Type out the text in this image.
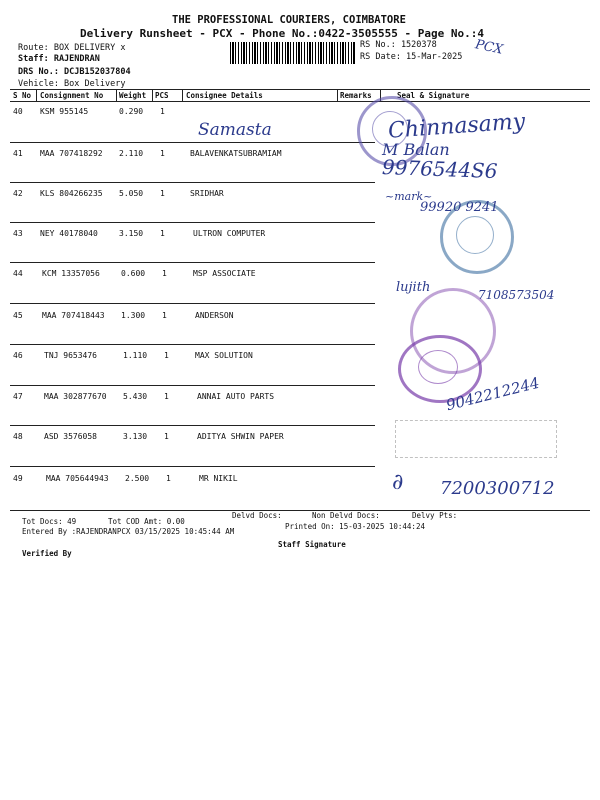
THE PROFESSIONAL COURIERS, COIMBATORE
Delivery Runsheet - PCX - Phone No.:0422-3505555 - Page No.:4
Route: BOX DELIVERY x
Staff: RAJENDRAN
DRS No.: DCJB152037804
Vehicle: Box Delivery
RS No.: 1520378
RS Date: 15-Mar-2025 PCX
S No Consignment No Weight PCS Consignee Details	Remarks	Seal & Signature
40 KSM 955145	0.290 1
41 MAA 707418292 2.110 1	BALAVENKATSUBRAMIAM
42 KLS 804266235 5.050 1	SRIDHAR
43 NEY 40178040	3.150 1	ULTRON COMPUTER
44 KCM 13357056	0.600 1	MSP ASSOCIATE
45 MAA 707418443 1.300 1	ANDERSON
46	TNJ 9653476	1.110 1	MAX SOLUTION
47	MAA 302877670 5.430 1	ANNAI AUTO PARTS
48	ASD 3576058	3.130 1	ADITYA SHWIN PAPER
49	MAA 705644943 2.500 1	MR NIKIL
Samasta	Chinnasamy
M Balan
9976544S6
~mark~
99920 9241
lujith	7108573504
9042212244
7200300712
∂
Tot Docs: 49	Tot COD Amt: 0.00
Delvd Docs:	Non Delvd Docs:	Delvy Pts:
Entered By :RAJENDRANPCX 03/15/2025 10:45:44 AM
Printed On: 15-03-2025 10:44:24
Staff Signature
Verified By
